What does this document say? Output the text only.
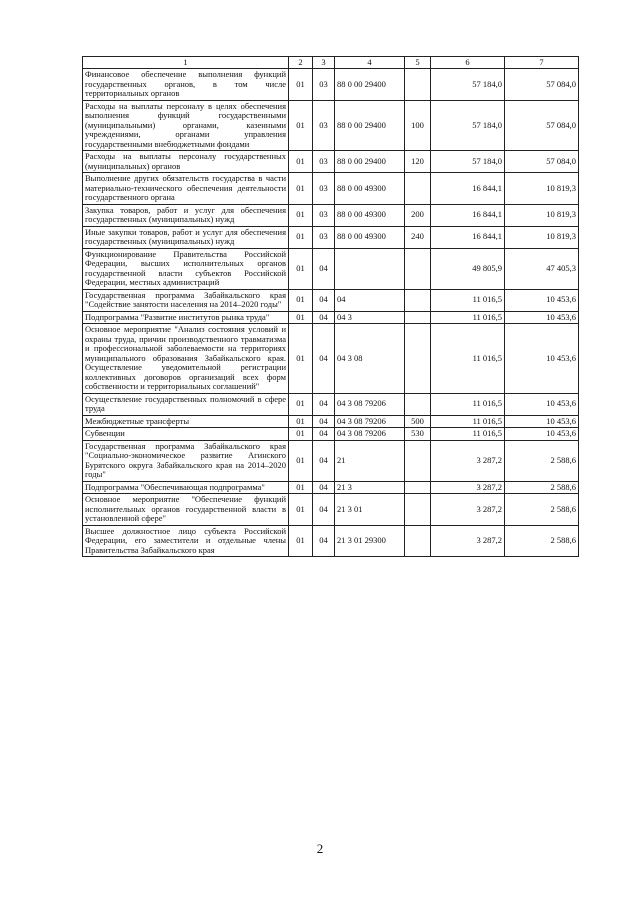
1	2	3	4	5	6	7
Финансовое обеспечение выполнения функций государственных органов, в том числе территориальных органов	01	03	88 0 00 29400		57 184,0	57 084,0
Расходы на выплаты персоналу в целях обеспечения выполнения функций государственными (муниципальными) органами, казенными учреждениями, органами управления государственными внебюджетными фондами	01	03	88 0 00 29400	100	57 184,0	57 084,0
Расходы на выплаты персоналу государственных (муниципальных) органов	01	03	88 0 00 29400	120	57 184,0	57 084,0
Выполнение других обязательств государства в части материально-технического обеспечения деятельности государственного органа	01	03	88 0 00 49300		16 844,1	10 819,3
Закупка товаров, работ и услуг для обеспечения государственных (муниципальных) нужд	01	03	88 0 00 49300	200	16 844,1	10 819,3
Иные закупки товаров, работ и услуг для обеспечения государственных (муниципальных) нужд	01	03	88 0 00 49300	240	16 844,1	10 819,3
Функционирование Правительства Российской Федерации, высших исполнительных органов государственной власти субъектов Российской Федерации, местных администраций	01	04			49 805,9	47 405,3
Государственная программа Забайкальского края "Содействие занятости населения на 2014–2020 годы"	01	04	04		11 016,5	10 453,6
Подпрограмма "Развитие институтов рынка труда"	01	04	04 3		11 016,5	10 453,6
Основное мероприятие "Анализ состояния условий и охраны труда, причин производственного травматизма и профессиональной заболеваемости на территориях муниципального образования Забайкальского края. Осуществление уведомительной регистрации коллективных договоров организаций всех форм собственности и территориальных соглашений"	01	04	04 3 08		11 016,5	10 453,6
Осуществление государственных полномочий в сфере труда	01	04	04 3 08 79206		11 016,5	10 453,6
Межбюджетные трансферты	01	04	04 3 08 79206	500	11 016,5	10 453,6
Субвенции	01	04	04 3 08 79206	530	11 016,5	10 453,6
Государственная программа Забайкальского края "Социально-экономическое развитие Агинского Бурятского округа Забайкальского края на 2014–2020 годы"	01	04	21		3 287,2	2 588,6
Подпрограмма "Обеспечивающая подпрограмма"	01	04	21 3		3 287,2	2 588,6
Основное мероприятие "Обеспечение функций исполнительных органов государственной власти в установленной сфере"	01	04	21 3 01		3 287,2	2 588,6
Высшее должностное лицо субъекта Российской Федерации, его заместители и отдельные члены Правительства Забайкальского края	01	04	21 3 01 29300		3 287,2	2 588,6
2
